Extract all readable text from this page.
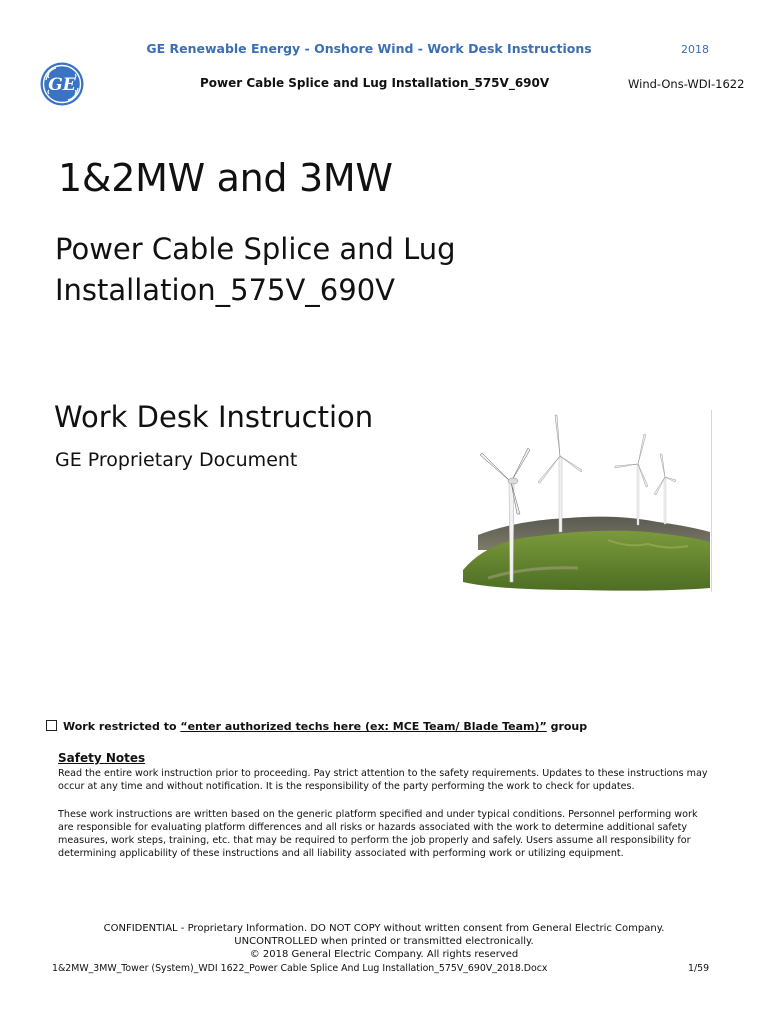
GE Renewable Energy - Onshore Wind - Work Desk Instructions	2018
GE	Power Cable Splice and Lug Installation_575V_690V	Wind-Ons-WDI-1622
1&2MW and 3MW
Power Cable Splice and Lug Installation_575V_690V
Work Desk Instruction
GE Proprietary Document
Work restricted to “enter authorized techs here (ex: MCE Team/ Blade Team)” group
Safety Notes
Read the entire work instruction prior to proceeding. Pay strict attention to the safety requirements. Updates to these instructions may occur at any time and without notification. It is the responsibility of the party performing the work to check for updates.
These work instructions are written based on the generic platform specified and under typical conditions. Personnel performing work are responsible for evaluating platform differences and all risks or hazards associated with the work to determine additional safety measures, work steps, training, etc. that may be required to perform the job properly and safely. Users assume all responsibility for determining applicability of these instructions and all liability associated with performing work or utilizing equipment.
CONFIDENTIAL - Proprietary Information. DO NOT COPY without written consent from General Electric Company.
UNCONTROLLED when printed or transmitted electronically.
© 2018 General Electric Company. All rights reserved
1&2MW_3MW_Tower (System)_WDI 1622_Power Cable Splice And Lug Installation_575V_690V_2018.Docx	1/59
